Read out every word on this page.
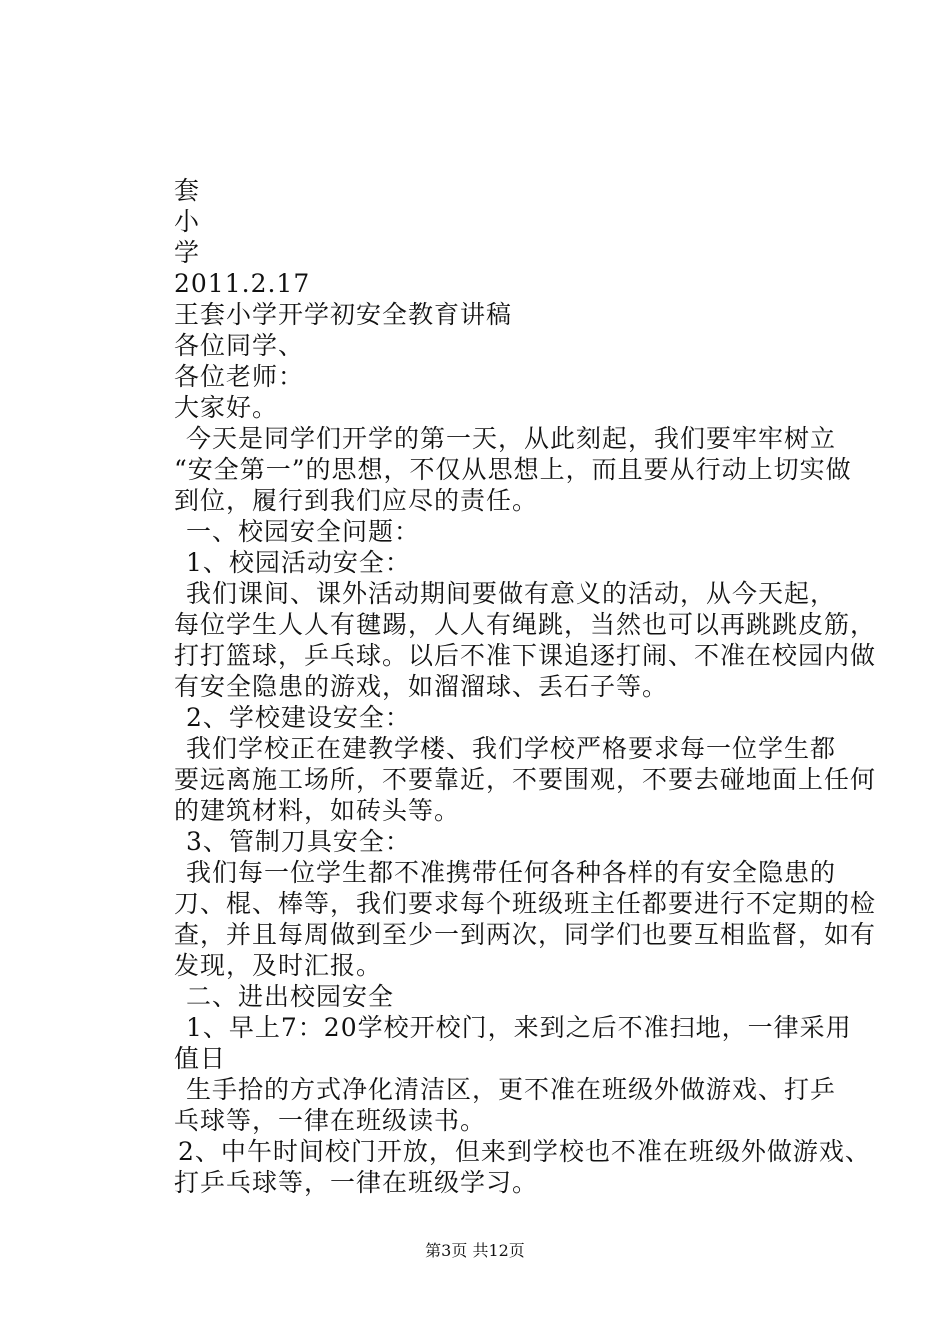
套
小
学
2011.2.17
王套小学开学初安全教育讲稿
各位同学、
各位老师：
大家好。
今天是同学们开学的第一天，从此刻起，我们要牢牢树立
“安全第一”的思想，不仅从思想上，而且要从行动上切实做
到位，履行到我们应尽的责任。
一、校园安全问题：
1、校园活动安全：
我们课间、课外活动期间要做有意义的活动，从今天起，
每位学生人人有毽踢，人人有绳跳，当然也可以再跳跳皮筋，
打打篮球，乒乓球。以后不准下课追逐打闹、不准在校园内做
有安全隐患的游戏，如溜溜球、丢石子等。
2、学校建设安全：
我们学校正在建教学楼、我们学校严格要求每一位学生都
要远离施工场所，不要靠近，不要围观，不要去碰地面上任何
的建筑材料，如砖头等。
3、管制刀具安全：
我们每一位学生都不准携带任何各种各样的有安全隐患的
刀、棍、棒等，我们要求每个班级班主任都要进行不定期的检
查，并且每周做到至少一到两次，同学们也要互相监督，如有
发现，及时汇报。
二、进出校园安全
1、早上7：20学校开校门，来到之后不准扫地，一律采用
值日
生手拾的方式净化清洁区，更不准在班级外做游戏、打乒
乓球等，一律在班级读书。
2、中午时间校门开放，但来到学校也不准在班级外做游戏、
打乒乓球等，一律在班级学习。
第3页 共12页
